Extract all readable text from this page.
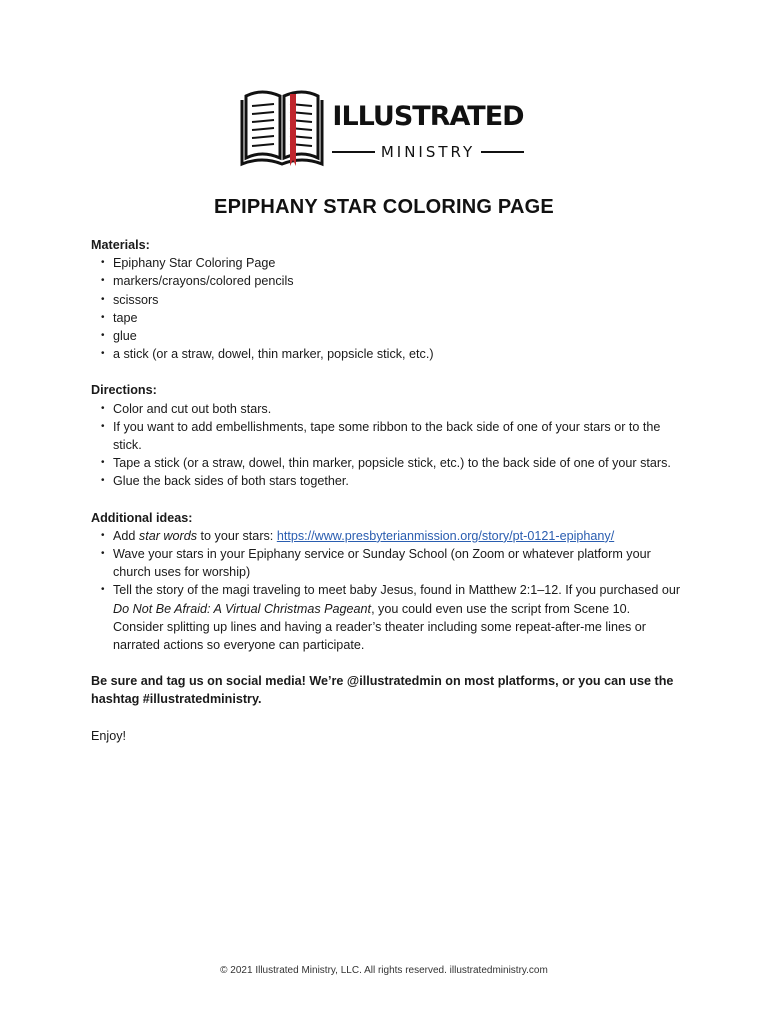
illustrated
MINISTRY
EPIPHANY STAR COLORING PAGE

Materials:

• Epiphany Star Coloring Page
• markers/crayons/colored pencils
• scissors
• tape
• glue
• a stick (or a straw, dowel, thin marker, popsicle stick, etc.)

Directions:

• Color and cut out both stars.
• If you want to add embellishments, tape some ribbon to the back side of one of your stars or to the stick.
• Tape a stick (or a straw, dowel, thin marker, popsicle stick, etc.) to the back side of one of your stars.
• Glue the back sides of both stars together.

Additional ideas:

• Add star words to your stars: https://www.presbyterianmission.org/story/pt-0121-epiphany/
• Wave your stars in your Epiphany service or Sunday School (on Zoom or whatever platform your church uses for worship)
• Tell the story of the magi traveling to meet baby Jesus, found in Matthew 2:1–12. If you purchased our Do Not Be Afraid: A Virtual Christmas Pageant, you could even use the script from Scene 10. Consider splitting up lines and having a reader’s theater including some repeat-after-me lines or narrated actions so everyone can participate.

Be sure and tag us on social media! We’re @illustratedmin on most platforms, or you can use the hashtag #illustratedministry.

Enjoy!

© 2021 Illustrated Ministry, LLC. All rights reserved. illustratedministry.com
